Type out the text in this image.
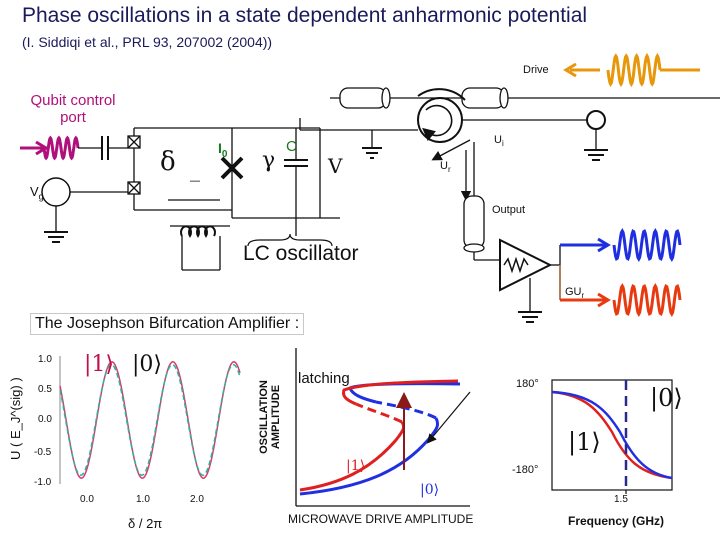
Phase oscillations in a state dependent anharmonic potential
(I. Siddiqi et al., PRL 93, 207002 (2004))
Drive
Qubit control port
$V_g$
δ _
$I_0$ γ
C
V
$U_i$
$U_r$
Output
LC oscillator
$GU_r$
The Josephson Bifurcation Amplifier :
U ( E_J^(sig) )
δ / 2π
1.0
0.5
0.0
-0.5
-1.0
0.0	1.0	2.0
|1⟩ |0⟩
OSCILLATION AMPLITUDE
latching
MICROWAVE DRIVE AMPLITUDE
|1⟩
|0⟩
180°
-180°
1.5
Frequency (GHz)
|0⟩
|1⟩
